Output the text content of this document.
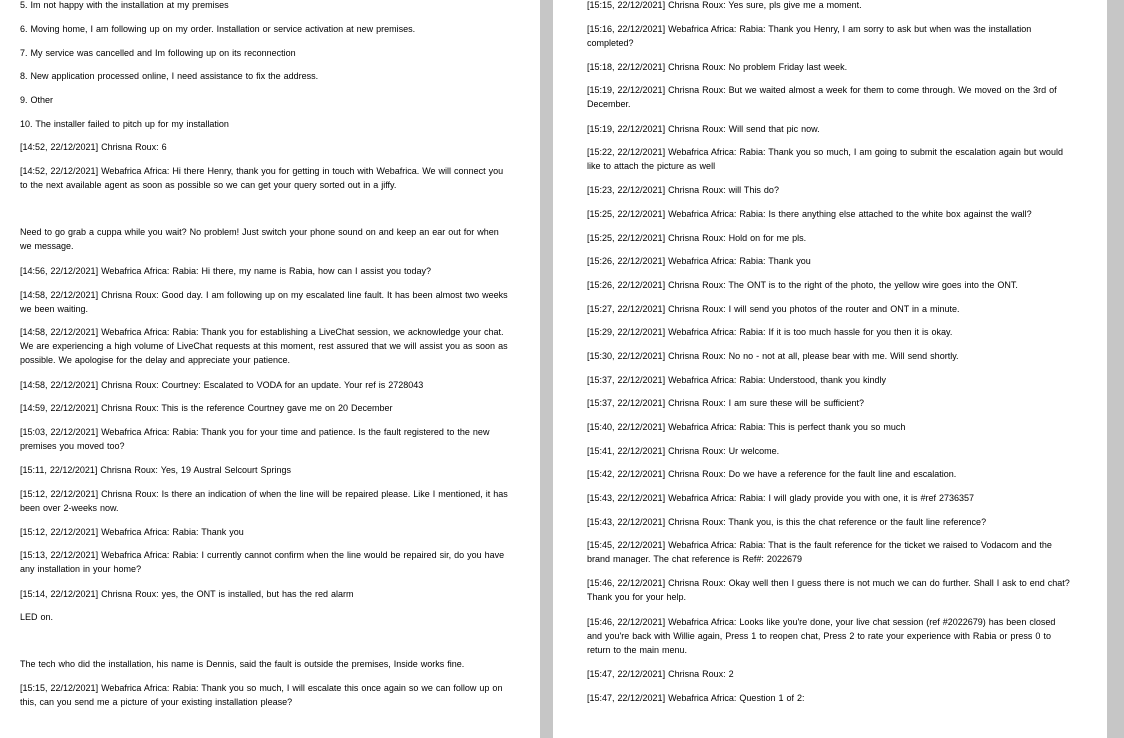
5. Im not happy with the installation at my premises

6. Moving home, I am following up on my order. Installation or service activation at new premises.

7. My service was cancelled and Im following up on its reconnection

8. New application processed online, I need assistance to fix the address.

9. Other

10. The installer failed to pitch up for my installation

[14:52, 22/12/2021] Chrisna Roux: 6

[14:52, 22/12/2021] Webafrica Africa: Hi there Henry, thank you for getting in touch with Webafrica. We will connect you to the next available agent as soon as possible so we can get your query sorted out in a jiffy.

Need to go grab a cuppa while you wait? No problem! Just switch your phone sound on and keep an ear out for when we message.

[14:56, 22/12/2021] Webafrica Africa: Rabia: Hi there, my name is Rabia, how can I assist you today?

[14:58, 22/12/2021] Chrisna Roux: Good day. I am following up on my escalated line fault. It has been almost two weeks we been waiting.

[14:58, 22/12/2021] Webafrica Africa: Rabia: Thank you for establishing a LiveChat session, we acknowledge your chat. We are experiencing a high volume of LiveChat requests at this moment, rest assured that we will assist you as soon as possible. We apologise for the delay and appreciate your patience.

[14:58, 22/12/2021] Chrisna Roux: Courtney: Escalated to VODA for an update. Your ref is 2728043

[14:59, 22/12/2021] Chrisna Roux: This is the reference Courtney gave me on 20 December

[15:03, 22/12/2021] Webafrica Africa: Rabia: Thank you for your time and patience. Is the fault registered to the new premises you moved too?

[15:11, 22/12/2021] Chrisna Roux: Yes, 19 Austral Selcourt Springs

[15:12, 22/12/2021] Chrisna Roux: Is there an indication of when the line will be repaired please. Like I mentioned, it has been over 2-weeks now.

[15:12, 22/12/2021] Webafrica Africa: Rabia: Thank you

[15:13, 22/12/2021] Webafrica Africa: Rabia: I currently cannot confirm when the line would be repaired sir, do you have any installation in your home?

[15:14, 22/12/2021] Chrisna Roux: yes, the ONT is installed, but has the red alarm

LED on.

The tech who did the installation, his name is Dennis, said the fault is outside the premises, Inside works fine.

[15:15, 22/12/2021] Webafrica Africa: Rabia: Thank you so much, I will escalate this once again so we can follow up on this, can you send me a picture of your existing installation please?

[15:15, 22/12/2021] Chrisna Roux: Yes sure, pls give me a moment.

[15:16, 22/12/2021] Webafrica Africa: Rabia: Thank you Henry, I am sorry to ask but when was the installation completed?

[15:18, 22/12/2021] Chrisna Roux: No problem Friday last week.

[15:19, 22/12/2021] Chrisna Roux: But we waited almost a week for them to come through. We moved on the 3rd of December.

[15:19, 22/12/2021] Chrisna Roux: Will send that pic now.

[15:22, 22/12/2021] Webafrica Africa: Rabia: Thank you so much, I am going to submit the escalation again but would like to attach the picture as well

[15:23, 22/12/2021] Chrisna Roux: will This do?

[15:25, 22/12/2021] Webafrica Africa: Rabia: Is there anything else attached to the white box against the wall?

[15:25, 22/12/2021] Chrisna Roux: Hold on for me pls.

[15:26, 22/12/2021] Webafrica Africa: Rabia: Thank you

[15:26, 22/12/2021] Chrisna Roux: The ONT is to the right of the photo, the yellow wire goes into the ONT.

[15:27, 22/12/2021] Chrisna Roux: I will send you photos of the router and ONT in a minute.

[15:29, 22/12/2021] Webafrica Africa: Rabia: If it is too much hassle for you then it is okay.

[15:30, 22/12/2021] Chrisna Roux: No no - not at all, please bear with me. Will send shortly.

[15:37, 22/12/2021] Webafrica Africa: Rabia: Understood, thank you kindly

[15:37, 22/12/2021] Chrisna Roux: I am sure these will be sufficient?

[15:40, 22/12/2021] Webafrica Africa: Rabia: This is perfect thank you so much

[15:41, 22/12/2021] Chrisna Roux: Ur welcome.

[15:42, 22/12/2021] Chrisna Roux: Do we have a reference for the fault line and escalation.

[15:43, 22/12/2021] Webafrica Africa: Rabia: I will glady provide you with one, it is #ref 2736357

[15:43, 22/12/2021] Chrisna Roux: Thank you, is this the chat reference or the fault line reference?

[15:45, 22/12/2021] Webafrica Africa: Rabia: That is the fault reference for the ticket we raised to Vodacom and the brand manager. The chat reference is Ref#: 2022679

[15:46, 22/12/2021] Chrisna Roux: Okay well then I guess there is not much we can do further. Shall I ask to end chat? Thank you for your help.

[15:46, 22/12/2021] Webafrica Africa: Looks like you're done, your live chat session (ref #2022679) has been closed and you're back with Willie again, Press 1 to reopen chat, Press 2 to rate your experience with Rabia or press 0 to return to the main menu.

[15:47, 22/12/2021] Chrisna Roux: 2

[15:47, 22/12/2021] Webafrica Africa: Question 1 of 2:
